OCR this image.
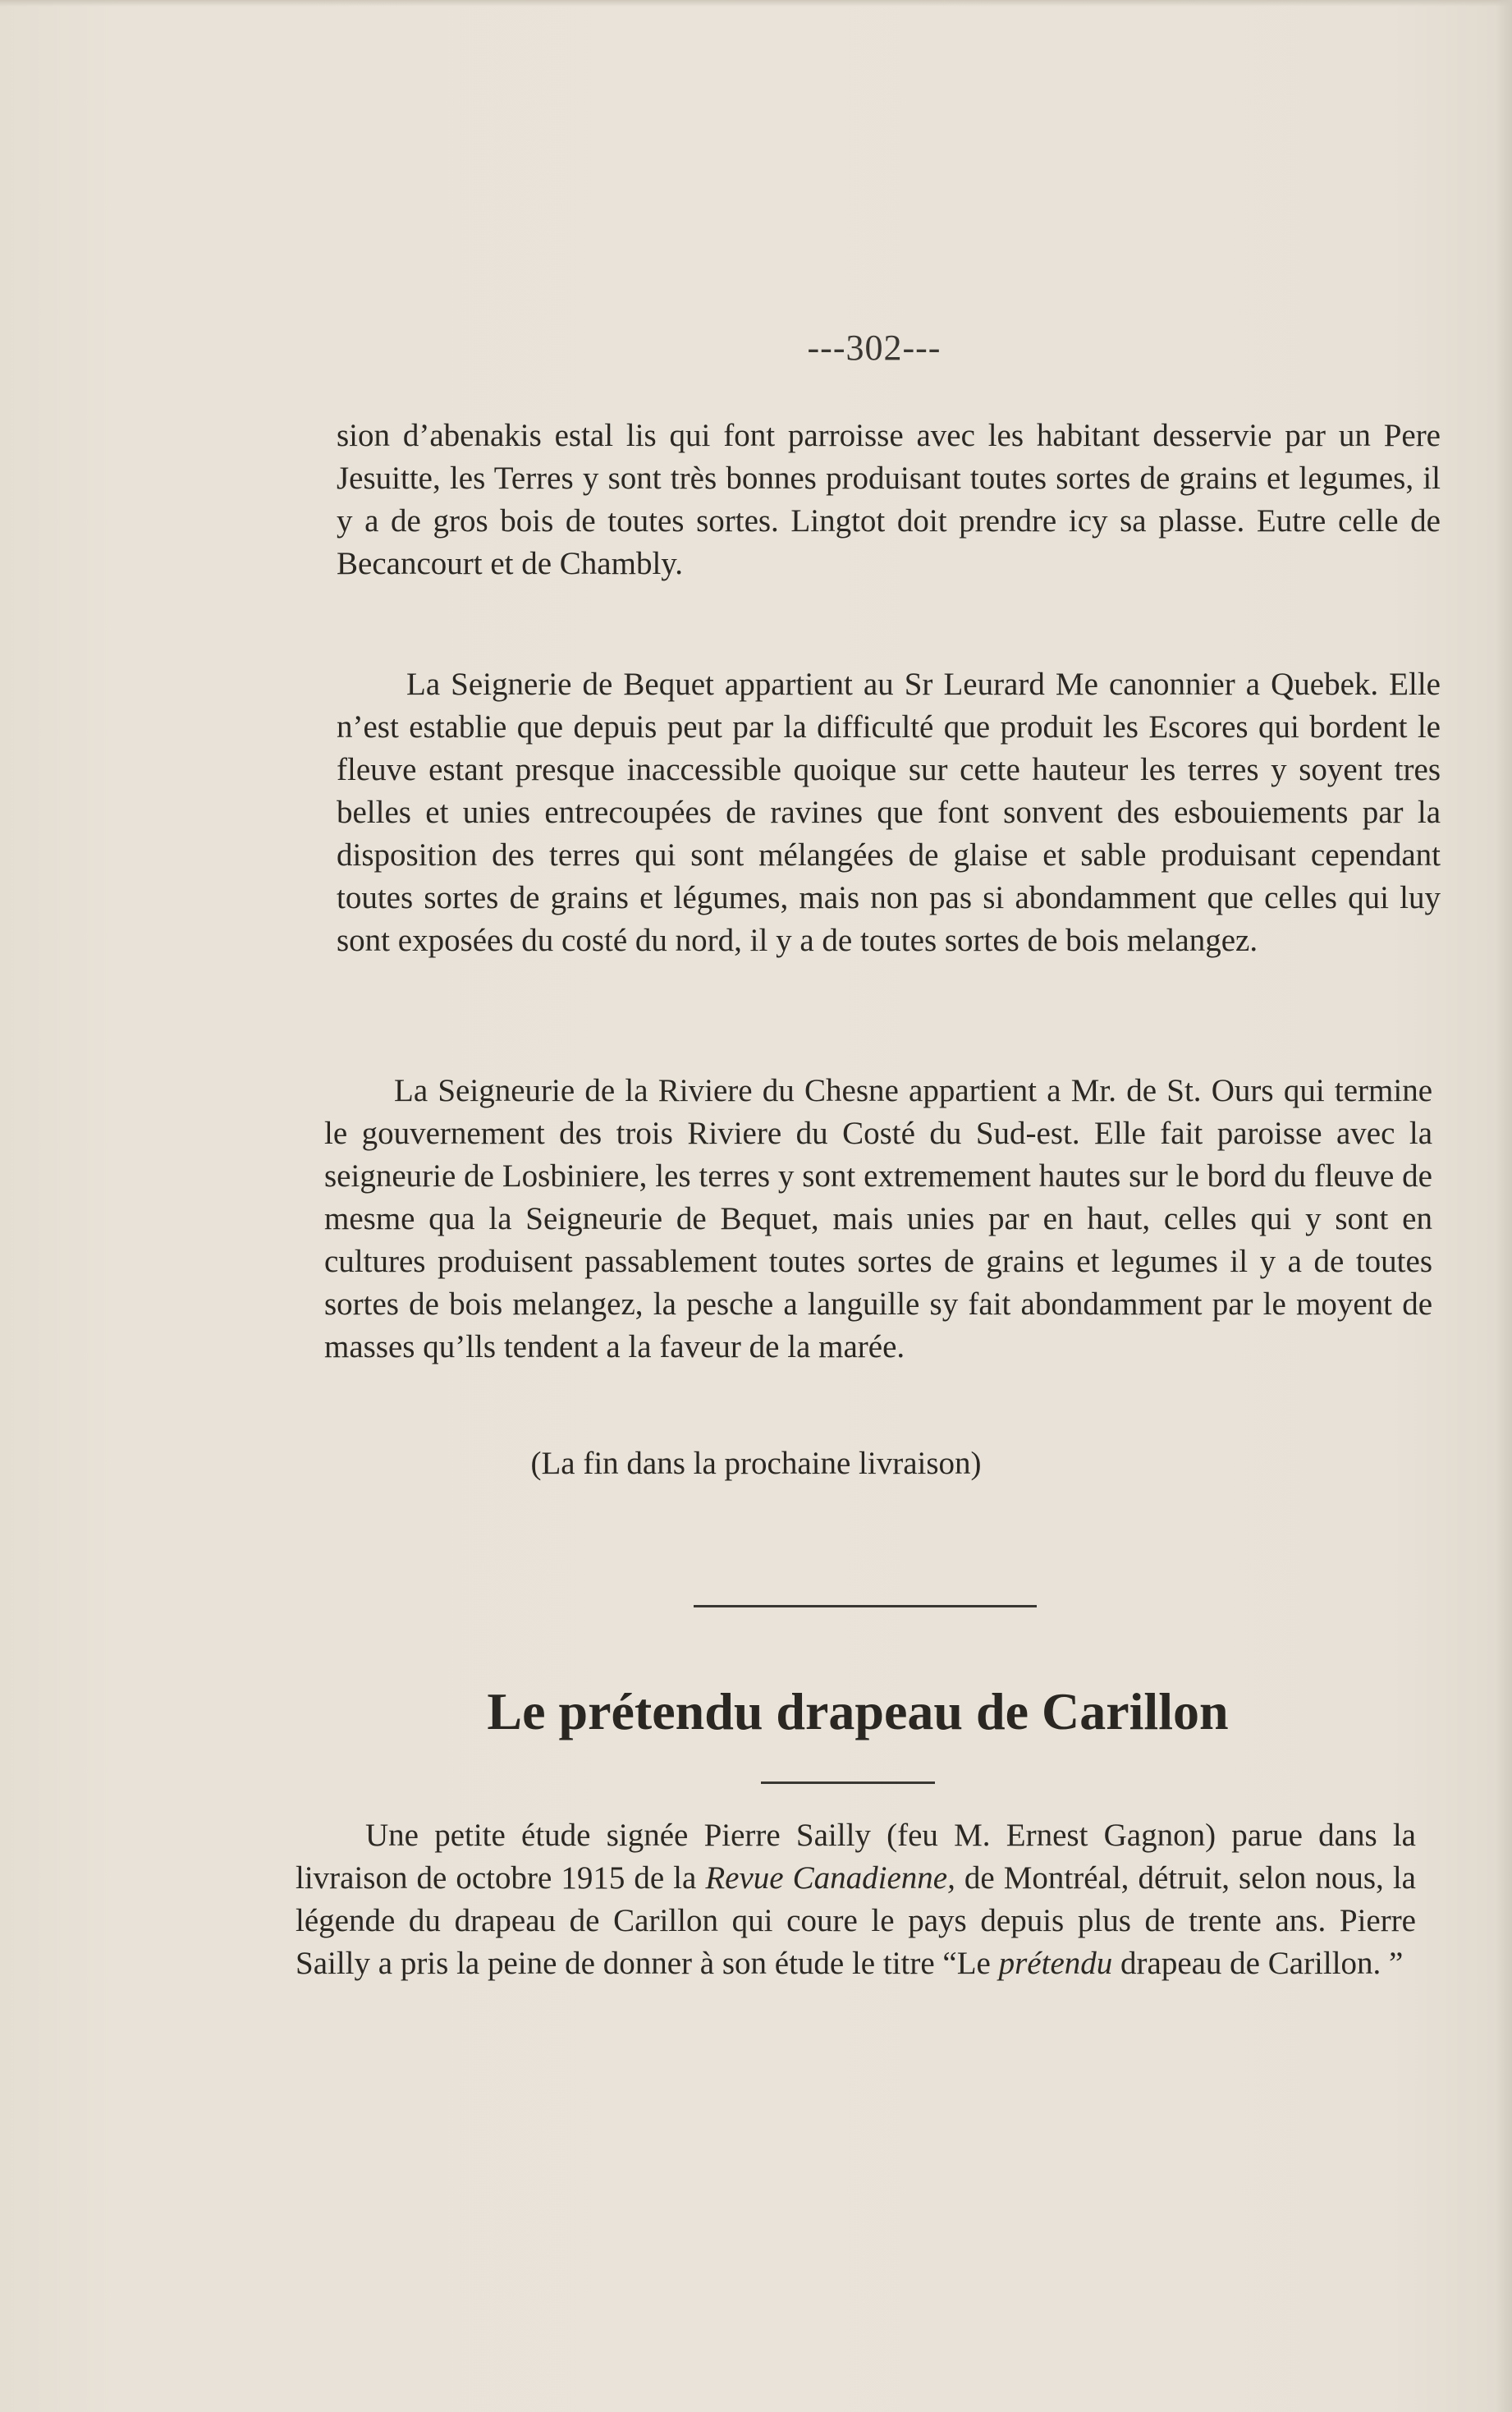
---302---

sion d’abenakis estal lis qui font parroisse avec les habitant desservie par un Pere Jesuitte, les Terres y sont très bonnes produisant toutes sortes de grains et legumes, il y a de gros bois de toutes sortes. Lingtot doit prendre icy sa plasse. Eutre celle de Becancourt et de Chambly.

La Seignerie de Bequet appartient au Sr Leurard Me canonnier a Quebek. Elle n’est establie que depuis peut par la difficulté que produit les Escores qui bordent le fleuve estant presque inaccessible quoique sur cette hauteur les terres y soyent tres belles et unies entrecoupées de ravines que font sonvent des esbouiements par la disposition des terres qui sont mélangées de glaise et sable produisant cependant toutes sortes de grains et légumes, mais non pas si abondamment que celles qui luy sont exposées du costé du nord, il y a de toutes sortes de bois melangez.

La Seigneurie de la Riviere du Chesne appartient a Mr. de St. Ours qui termine le gouvernement des trois Riviere du Costé du Sud-est. Elle fait paroisse avec la seigneurie de Losbiniere, les terres y sont extremement hautes sur le bord du fleuve de mesme qua la Seigneurie de Bequet, mais unies par en haut, celles qui y sont en cultures produisent passablement toutes sortes de grains et legumes il y a de toutes sortes de bois melangez, la pesche a languille sy fait abondamment par le moyent de masses qu’lls tendent a la faveur de la marée.

(La fin dans la prochaine livraison)
Le prétendu drapeau de Carillon

Une petite étude signée Pierre Sailly (feu M. Ernest Gagnon) parue dans la livraison de octobre 1915 de la Revue Canadienne, de Montréal, détruit, selon nous, la légende du drapeau de Carillon qui coure le pays depuis plus de trente ans. Pierre Sailly a pris la peine de donner à son étude le titre “Le prétendu drapeau de Carillon. ”
